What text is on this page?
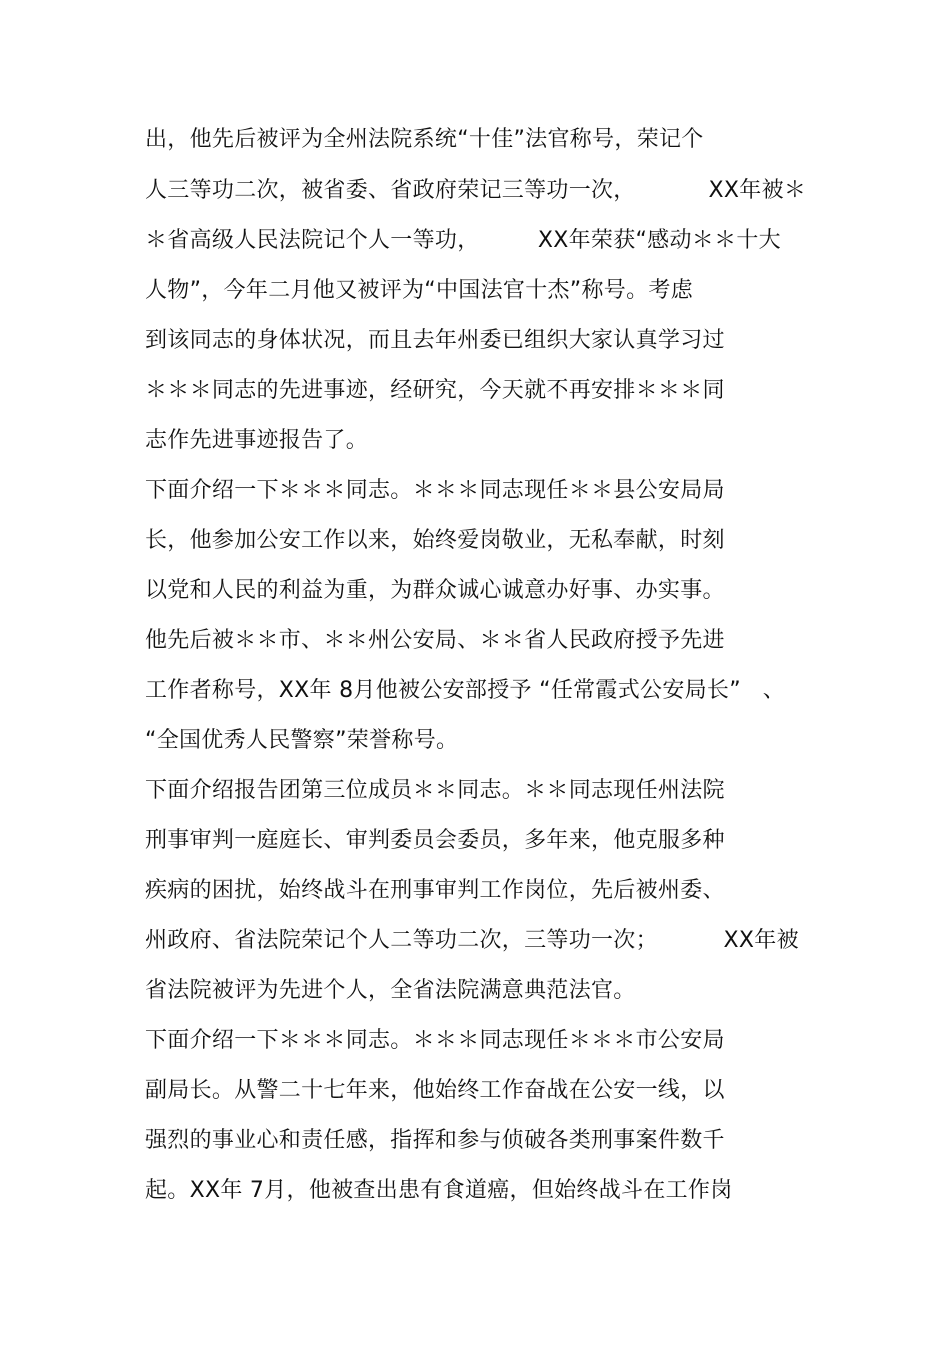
出，他先后被评为全州法院系统“十佳”法官称号，荣记个
人三等功二次，被省委、省政府荣记三等功一次，          XX年被＊
＊省高级人民法院记个人一等功，        XX年荣获“感动＊＊十大
人物”，今年二月他又被评为“中国法官十杰”称号。考虑
到该同志的身体状况，而且去年州委已组织大家认真学习过
＊＊＊同志的先进事迹，经研究，今天就不再安排＊＊＊同
志作先进事迹报告了。
下面介绍一下＊＊＊同志。＊＊＊同志现任＊＊县公安局局
长，他参加公安工作以来，始终爱岗敬业，无私奉献，时刻
以党和人民的利益为重，为群众诚心诚意办好事、办实事。
他先后被＊＊市、＊＊州公安局、＊＊省人民政府授予先进
工作者称号，XX年 8月他被公安部授予 “任常霞式公安局长”   、
“全国优秀人民警察”荣誉称号。
下面介绍报告团第三位成员＊＊同志。＊＊同志现任州法院
刑事审判一庭庭长、审判委员会委员，多年来，他克服多种
疾病的困扰，始终战斗在刑事审判工作岗位，先后被州委、
州政府、省法院荣记个人二等功二次，三等功一次；         XX年被
省法院被评为先进个人，全省法院满意典范法官。
下面介绍一下＊＊＊同志。＊＊＊同志现任＊＊＊市公安局
副局长。从警二十七年来，他始终工作奋战在公安一线，以
强烈的事业心和责任感，指挥和参与侦破各类刑事案件数千
起。XX年 7月，他被查出患有食道癌，但始终战斗在工作岗
